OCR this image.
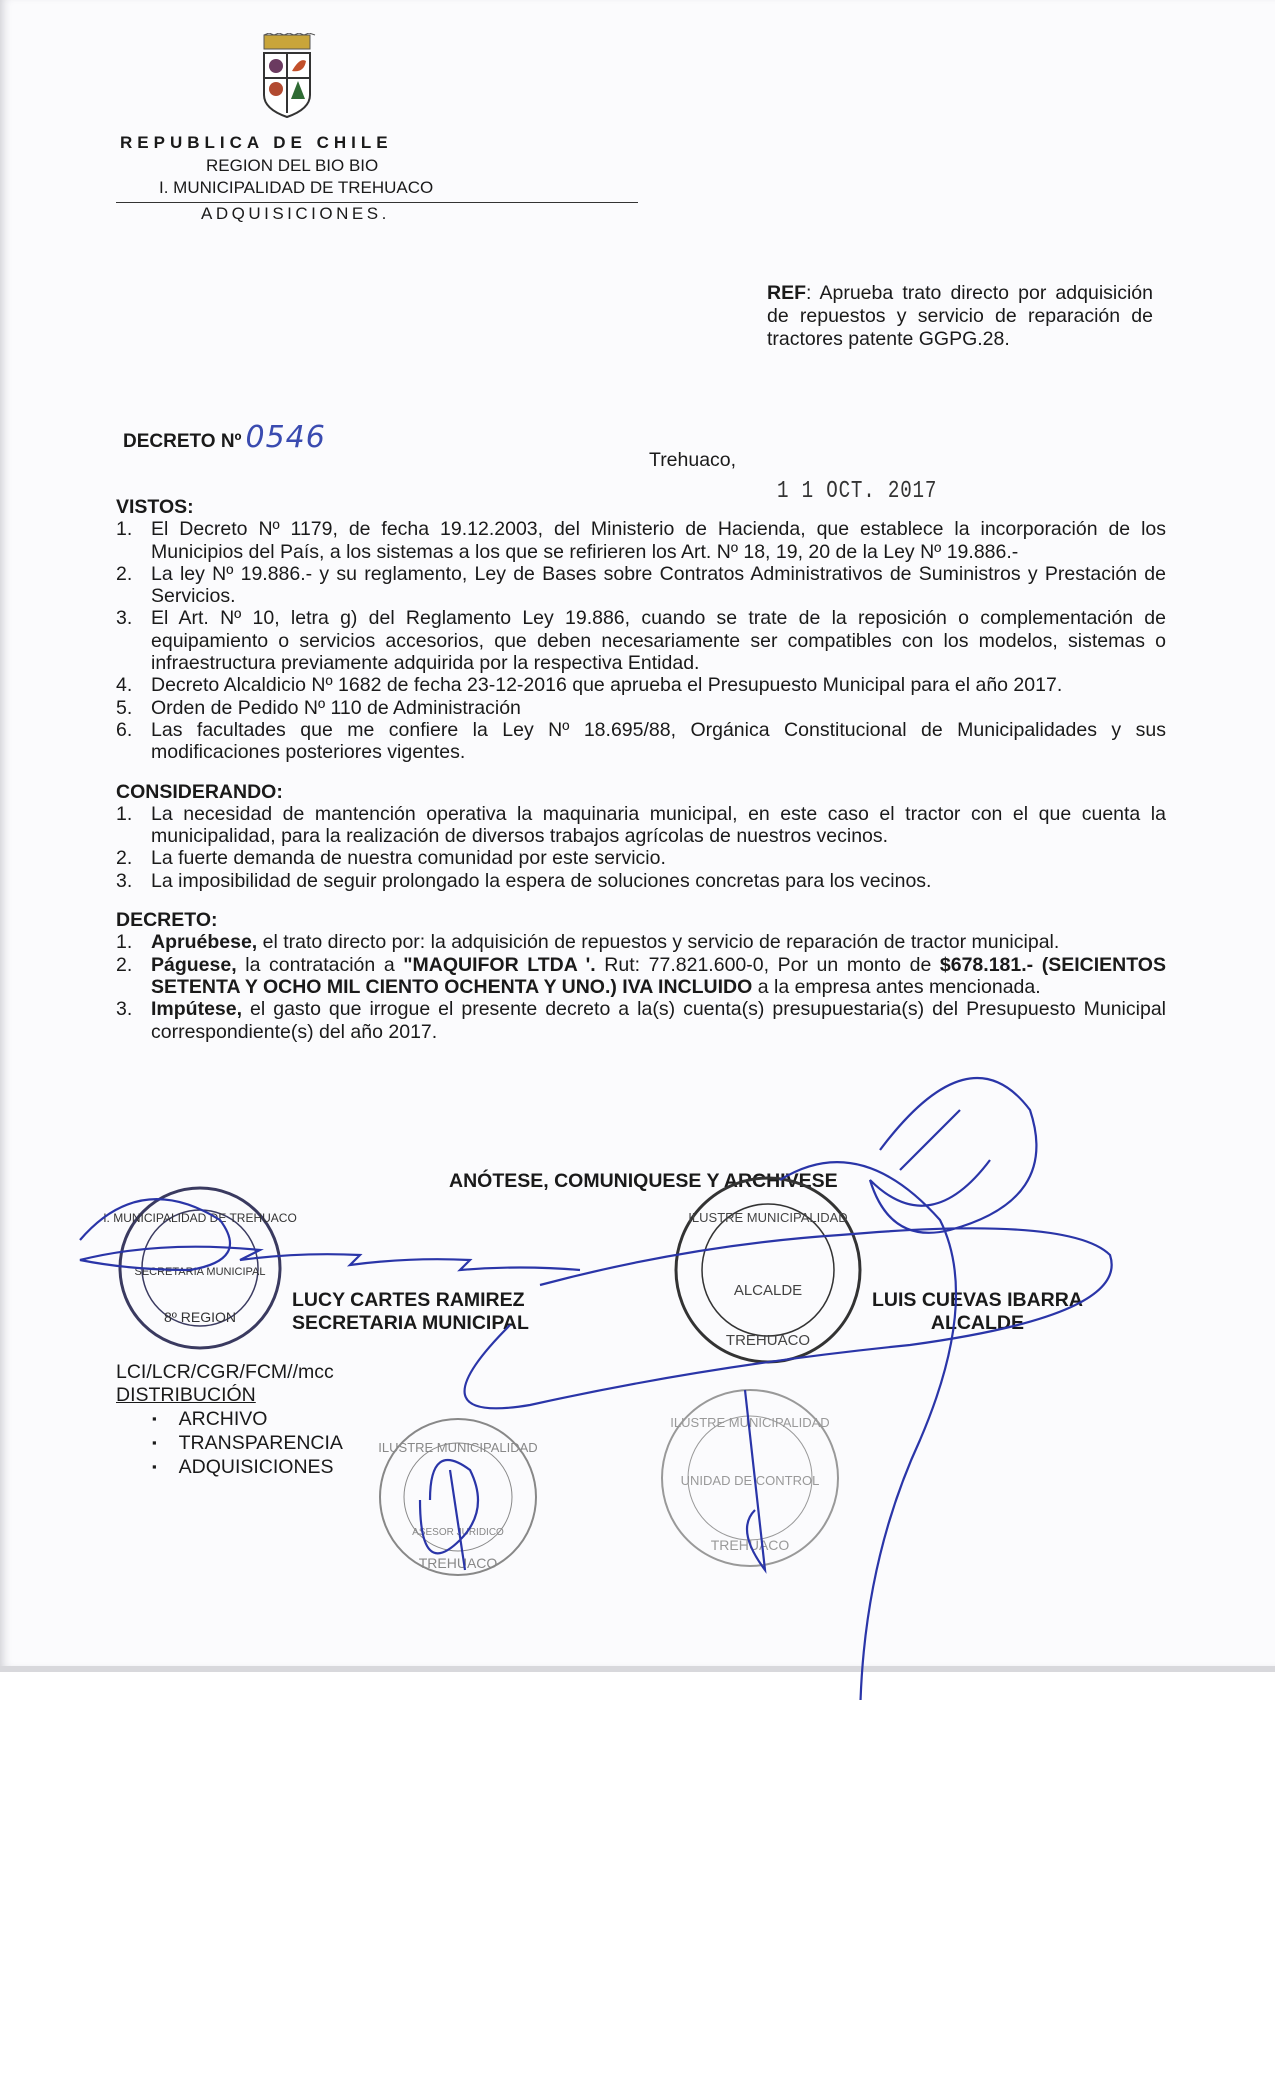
REPUBLICA DE CHILE
REGION DEL BIO BIO
I. MUNICIPALIDAD DE TREHUACO
ADQUISICIONES.
REF: Aprueba trato directo por adquisición de repuestos y servicio de reparación de tractores patente GGPG.28.
DECRETO Nº 0546
Trehuaco,
1 1 OCT. 2017
VISTOS:
1. El Decreto Nº 1179, de fecha 19.12.2003, del Ministerio de Hacienda, que establece la incorporación de los Municipios del País, a los sistemas a los que se refirieren los Art. Nº 18, 19, 20 de la Ley Nº 19.886.-
2. La ley Nº 19.886.- y su reglamento, Ley de Bases sobre Contratos Administrativos de Suministros y Prestación de Servicios.
3. El Art. Nº 10, letra g) del Reglamento Ley 19.886, cuando se trate de la reposición o complementación de equipamiento o servicios accesorios, que deben necesariamente ser compatibles con los modelos, sistemas o infraestructura previamente adquirida por la respectiva Entidad.
4. Decreto Alcaldicio Nº 1682 de fecha 23-12-2016 que aprueba el Presupuesto Municipal para el año 2017.
5. Orden de Pedido Nº 110 de Administración
6. Las facultades que me confiere la Ley Nº 18.695/88, Orgánica Constitucional de Municipalidades y sus modificaciones posteriores vigentes.
CONSIDERANDO:
1. La necesidad de mantención operativa la maquinaria municipal, en este caso el tractor con el que cuenta la municipalidad, para la realización de diversos trabajos agrícolas de nuestros vecinos.
2. La fuerte demanda de nuestra comunidad por este servicio.
3. La imposibilidad de seguir prolongado la espera de soluciones concretas para los vecinos.
DECRETO:
1. Apruébese, el trato directo por: la adquisición de repuestos y servicio de reparación de tractor municipal.
2. Páguese, la contratación a "MAQUIFOR LTDA '. Rut: 77.821.600-0, Por un monto de $678.181.- (SEICIENTOS SETENTA Y OCHO MIL CIENTO OCHENTA Y UNO.) IVA INCLUIDO a la empresa antes mencionada.
3. Impútese, el gasto que irrogue el presente decreto a la(s) cuenta(s) presupuestaria(s) del Presupuesto Municipal correspondiente(s) del año 2017.
ANÓTESE, COMUNIQUESE Y ARCHIVESE
LUCY CARTES RAMIREZ
SECRETARIA MUNICIPAL
LUIS CUEVAS IBARRA
ALCALDE
LCI/LCR/CGR/FCM//mcc
DISTRIBUCIÓN
▪ ARCHIVO
▪ TRANSPARENCIA
▪ ADQUISICIONES
I. MUNICIPALIDAD DE TREHUACO
SECRETARIA MUNICIPAL
8º REGION
ILUSTRE MUNICIPALIDAD
ALCALDE
TREHUACO
ILUSTRE MUNICIPALIDAD
ASESOR JURIDICO
TREHUACO
ILUSTRE MUNICIPALIDAD
UNIDAD DE CONTROL
TREHUACO
